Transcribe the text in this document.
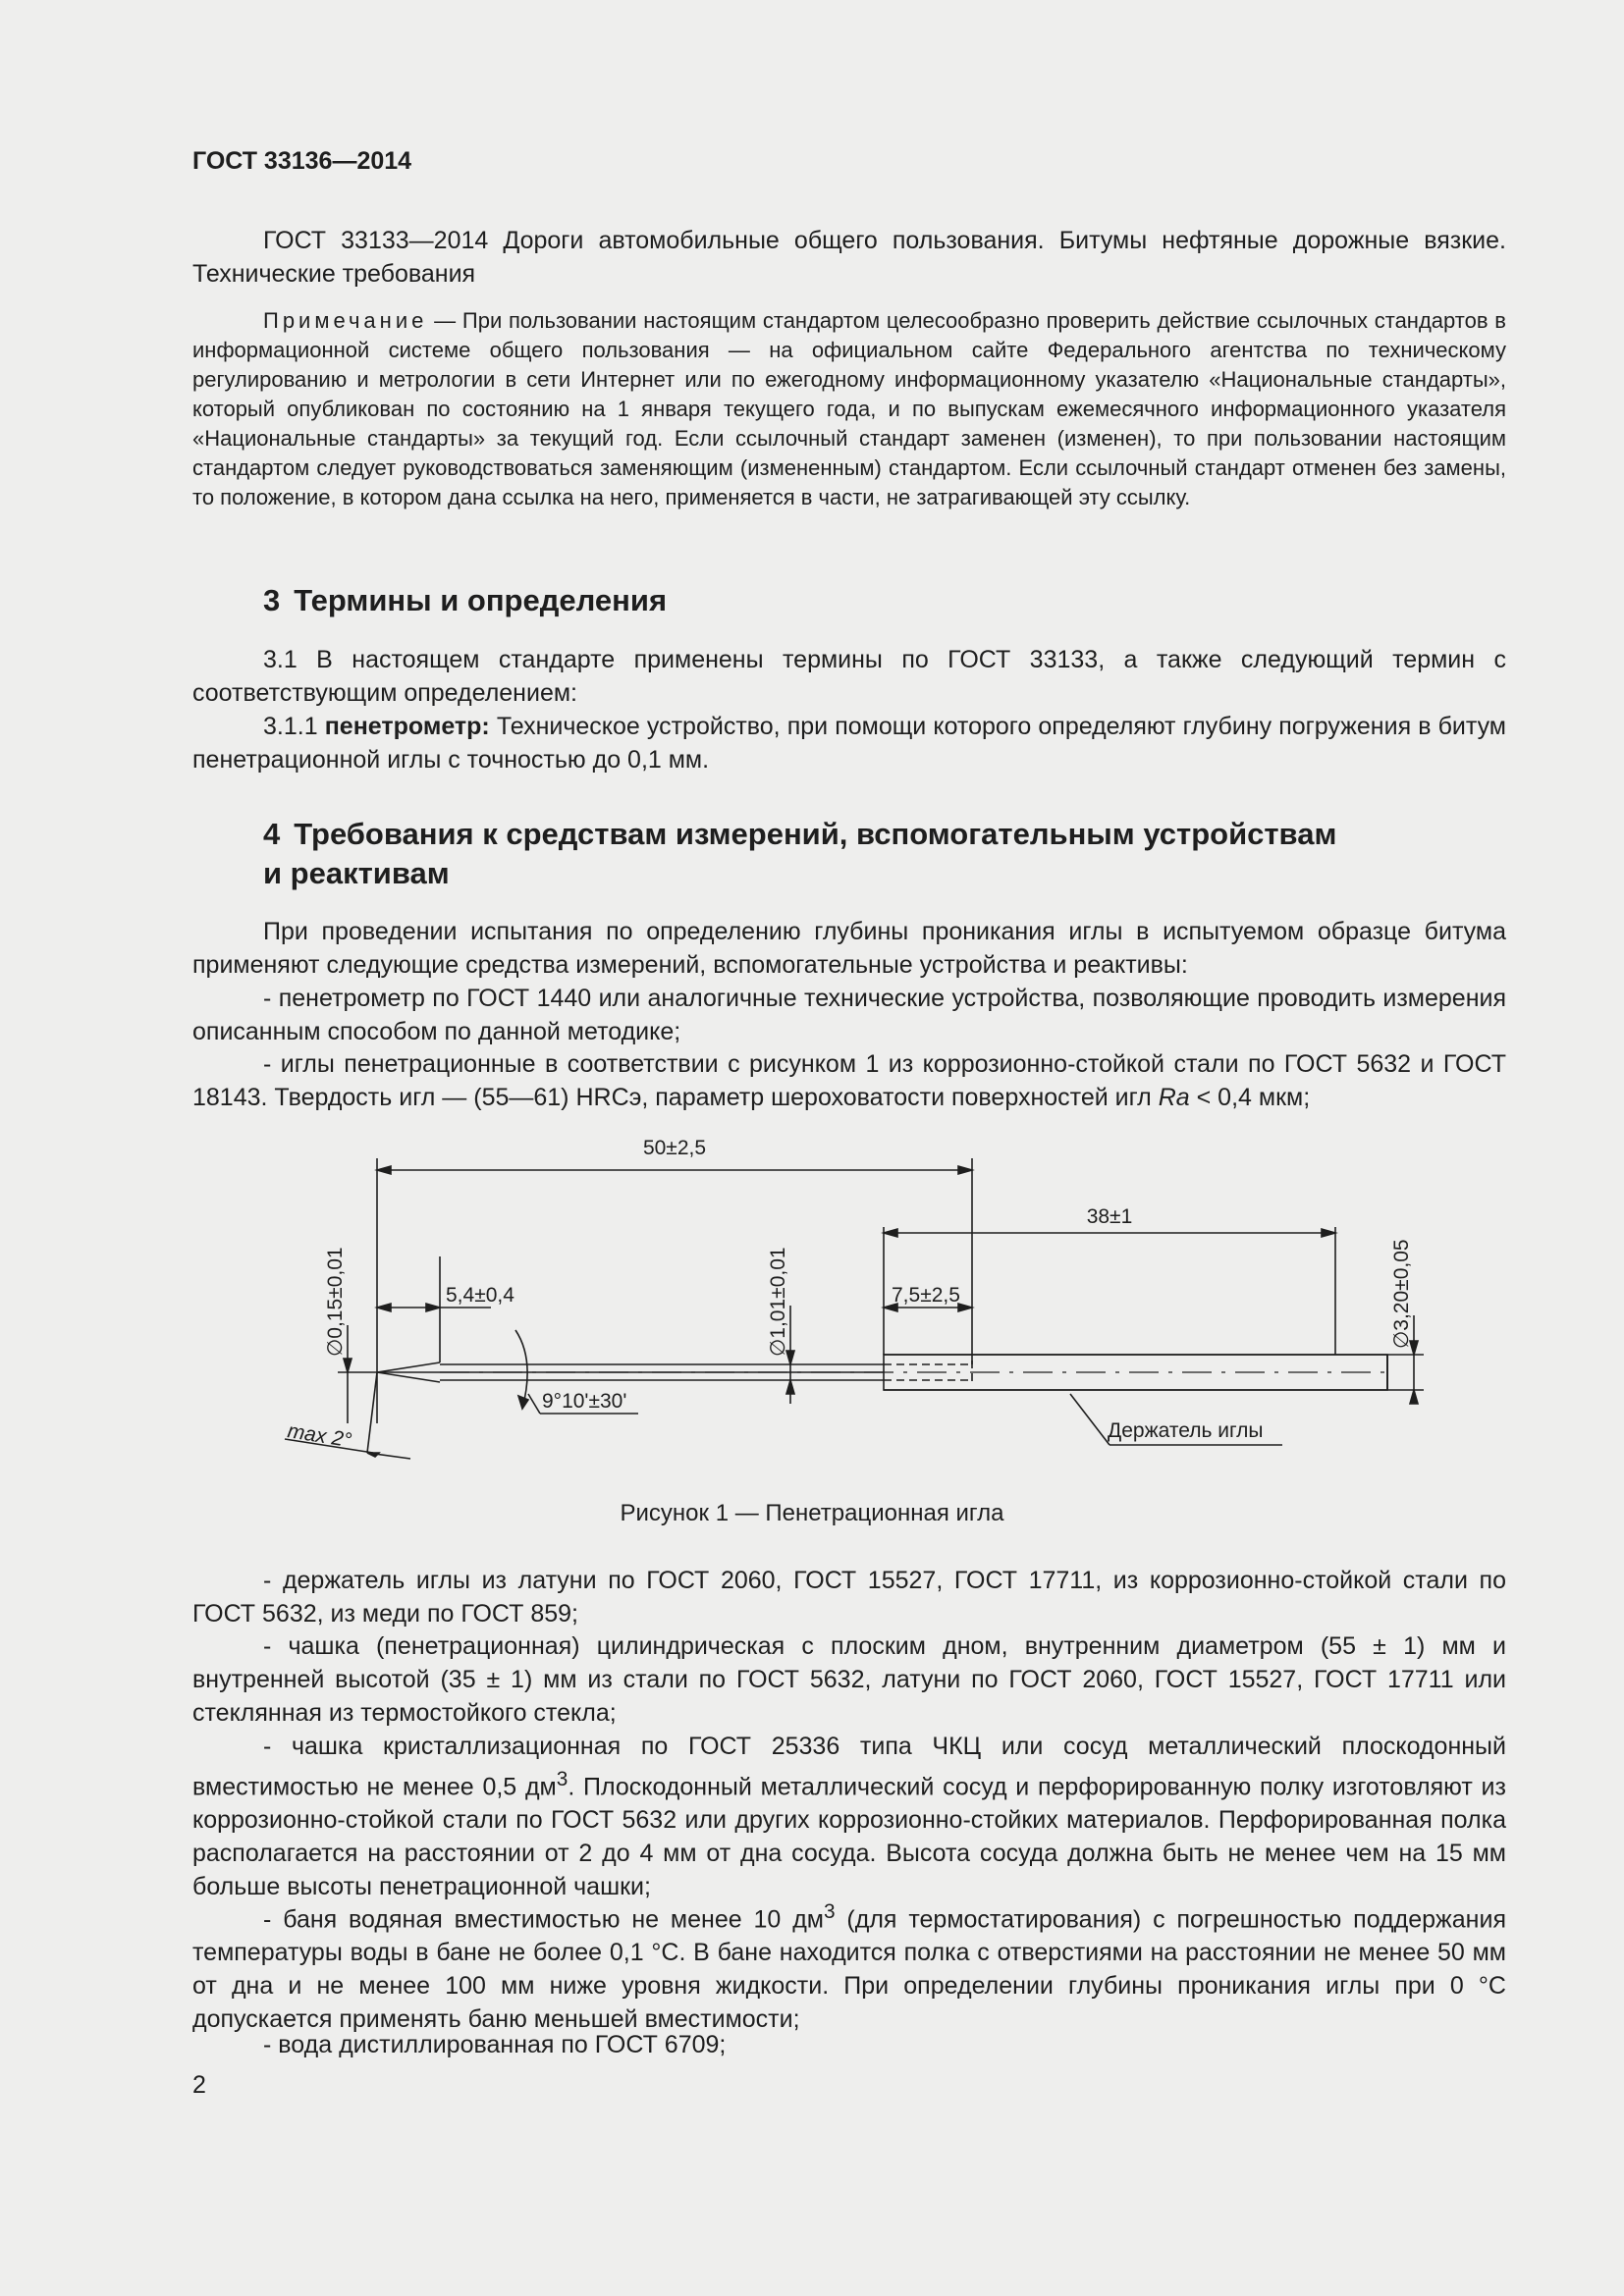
ГОСТ 33136—2014
ГОСТ 33133—2014 Дороги автомобильные общего пользования. Битумы нефтяные дорожные вязкие. Технические требования
Примечание — При пользовании настоящим стандартом целесообразно проверить действие ссылочных стандартов в информационной системе общего пользования — на официальном сайте Федерального агентства по техническому регулированию и метрологии в сети Интернет или по ежегодному информационному указателю «Национальные стандарты», который опубликован по состоянию на 1 января текущего года, и по выпускам ежемесячного информационного указателя «Национальные стандарты» за текущий год. Если ссылочный стандарт заменен (изменен), то при пользовании настоящим стандартом следует руководствоваться заменяющим (измененным) стандартом. Если ссылочный стандарт отменен без замены, то положение, в котором дана ссылка на него, применяется в части, не затрагивающей эту ссылку.
3 Термины и определения
3.1 В настоящем стандарте применены термины по ГОСТ 33133, а также следующий термин с соответствующим определением:
3.1.1 пенетрометр: Техническое устройство, при помощи которого определяют глубину погружения в битум пенетрационной иглы с точностью до 0,1 мм.
4 Требования к средствам измерений, вспомогательным устройствам
и реактивам
При проведении испытания по определению глубины проникания иглы в испытуемом образце битума применяют следующие средства измерений, вспомогательные устройства и реактивы:
- пенетрометр по ГОСТ 1440 или аналогичные технические устройства, позволяющие проводить измерения описанным способом по данной методике;
- иглы пенетрационные в соответствии с рисунком 1 из коррозионно-стойкой стали по ГОСТ 5632 и ГОСТ 18143. Твердость игл — (55—61) HRCэ, параметр шероховатости поверхностей игл Ra < 0,4 мкм;
50±2,5
38±1
5,4±0,4	7,5±2,5
∅0,15±0,01	∅1,01±0,01	∅3,20±0,05
9°10'±30'
max 2°	Держатель иглы
Рисунок 1 — Пенетрационная игла
- держатель иглы из латуни по ГОСТ 2060, ГОСТ 15527, ГОСТ 17711, из коррозионно-стойкой стали по ГОСТ 5632, из меди по ГОСТ 859;
- чашка (пенетрационная) цилиндрическая с плоским дном, внутренним диаметром (55 ± 1) мм и внутренней высотой (35 ± 1) мм из стали по ГОСТ 5632, латуни по ГОСТ 2060, ГОСТ 15527, ГОСТ 17711 или стеклянная из термостойкого стекла;
- чашка кристаллизационная по ГОСТ 25336 типа ЧКЦ или сосуд металлический плоскодонный вместимостью не менее 0,5 $дм^3$. Плоскодонный металлический сосуд и перфорированную полку изготовляют из коррозионно-стойкой стали по ГОСТ 5632 или других коррозионно-стойких материалов. Перфорированная полка располагается на расстоянии от 2 до 4 мм от дна сосуда. Высота сосуда должна быть не менее чем на 15 мм больше высоты пенетрационной чашки;
- баня водяная вместимостью не менее 10 $дм^3$ (для термостатирования) с погрешностью поддержания температуры воды в бане не более 0,1 °С. В бане находится полка с отверстиями на расстоянии не менее 50 мм от дна и не менее 100 мм ниже уровня жидкости. При определении глубины проникания иглы при 0 °С допускается применять баню меньшей вместимости;
- вода дистиллированная по ГОСТ 6709;
2
